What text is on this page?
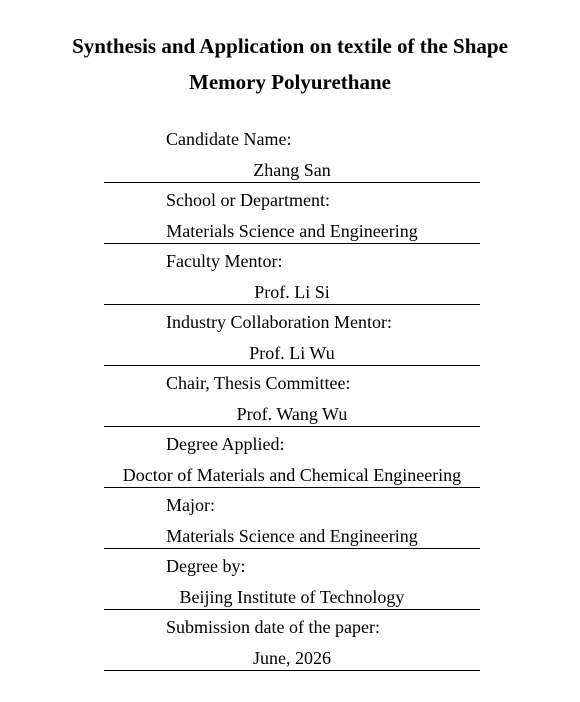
Synthesis and Application on textile of the Shape
Memory Polyurethane
Candidate Name:
Zhang San
School or Department:
Materials Science and Engineering
Faculty Mentor:
Prof. Li Si
Industry Collaboration Mentor:
Prof. Li Wu
Chair, Thesis Committee:
Prof. Wang Wu
Degree Applied:
Doctor of Materials and Chemical Engineering
Major:
Materials Science and Engineering
Degree by:
Beijing Institute of Technology
Submission date of the paper:
June, 2026
